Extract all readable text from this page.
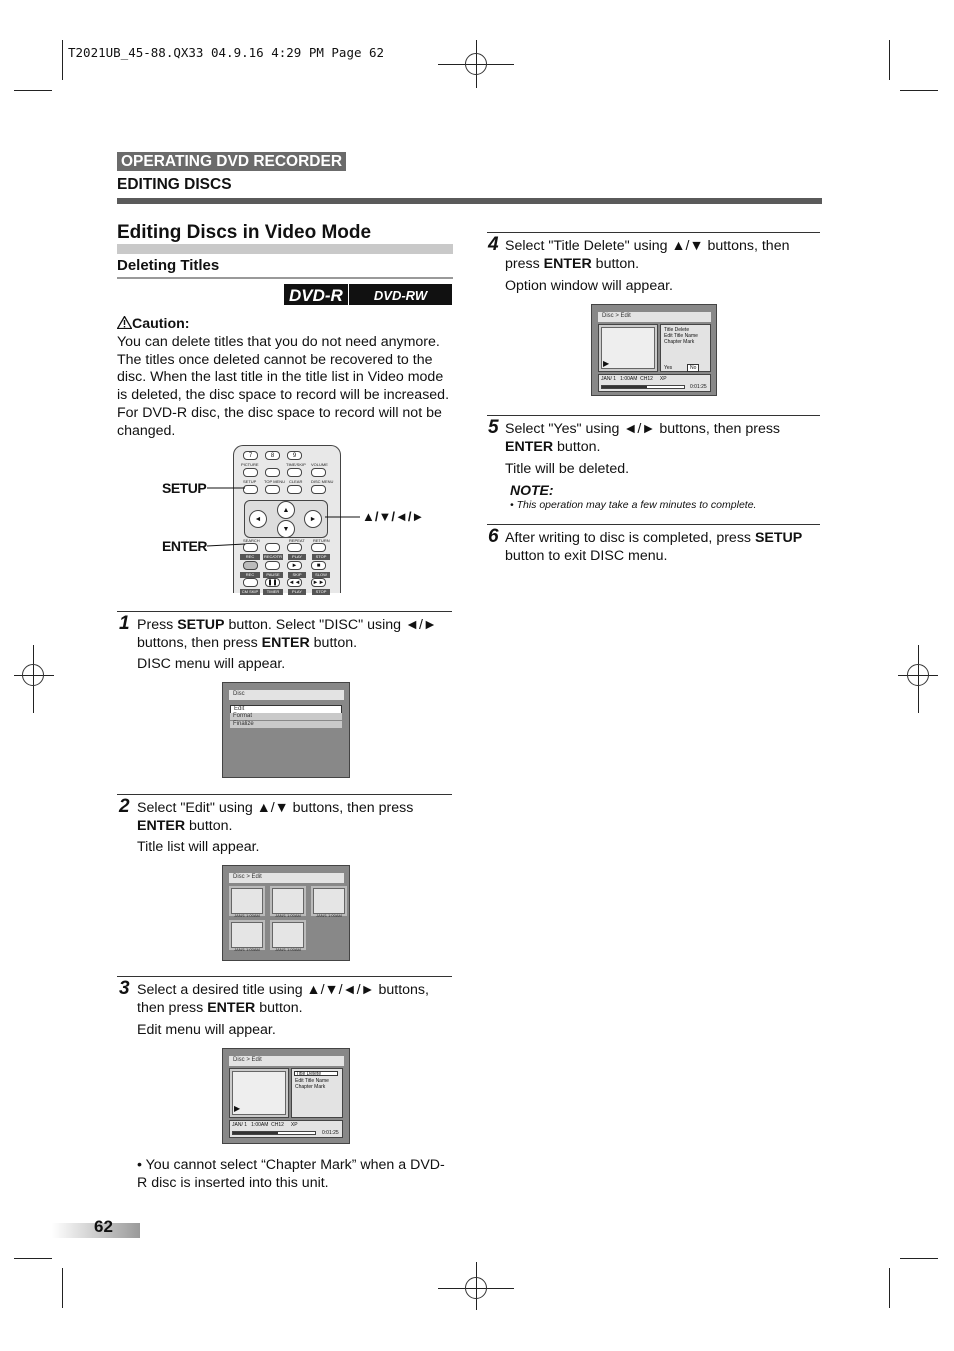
T2021UB_45-88.QX33 04.9.16 4:29 PM Page 62
OPERATING DVD RECORDER
EDITING DISCS
Editing Discs in Video Mode
Deleting Titles
DVD-R	DVD-RW (Video)
Caution:
You can delete titles that you do not need anymore. The titles once deleted cannot be recovered to the disc. When the last title in the title list in Video mode is deleted, the disc space to record will be increased. For DVD-R disc, the disc space to record will not be changed.
7	8	9
PICTURE	TIME/SKIP VOLUME
SETUP TOP MENU CLEAR DISC MENU
▲
▼
◄	►
SEARCH	REPEAT RETURN
REC	REC/OTR	PLAY	STOP
►	■
REC	PAUSE	SKIP	SLOW
❚❚	◄◄ ►►
CM SKIP	TIMER PROG.
PLAY	STOP
SETUP
ENTER
▲/▼/◄/►
1 Press SETUP button. Select "DISC" using ◄/► buttons, then press ENTER button.
DISC menu will appear.
Disc
Edit
Format
Finalize
2 Select "Edit" using ▲/▼ buttons, then press ENTER button.
Title list will appear.
Disc > Edit
JAN/1 1:00AM	JAN/1 1:00AM	JAN/1 1:00AM
JAN/1 1:00AM	JAN/1 1:00AM
3 Select a desired title using ▲/▼/◄/► buttons, then press ENTER button.
Edit menu will appear.
Disc > Edit
▶
Title Delete
Edit Title Name
Chapter Mark
JAN/ 1   1:00AM  CH12     XP
0:01:25
• You cannot select “Chapter Mark” when a DVD-R disc is inserted into this unit.
4 Select "Title Delete" using ▲/▼ buttons, then press ENTER button.
Option window will appear.
Disc > Edit
▶
Title Delete
Edit Title Name
Chapter Mark
Yes	No
JAN/ 1   1:00AM  CH12     XP
0:01:25
5 Select "Yes" using ◄/► buttons, then press ENTER button.
Title will be deleted.
NOTE:
• This operation may take a few minutes to complete.
6 After writing to disc is completed, press SETUP button to exit DISC menu.
62
